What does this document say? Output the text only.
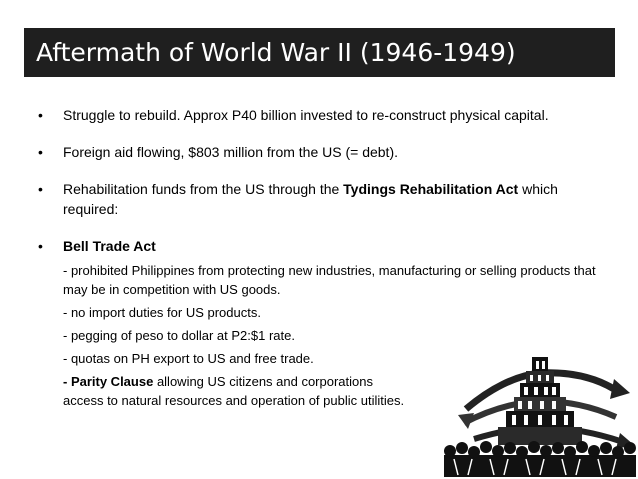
Aftermath of World War II (1946-1949)
• Struggle to rebuild. Approx P40 billion invested to re-construct physical capital.
• Foreign aid flowing, $803 million from the US (= debt).
• Rehabilitation funds from the US through the Tydings Rehabilitation Act which required:
• Bell Trade Act

- prohibited Philippines from protecting new industries, manufacturing or selling products that may be in competition with US goods.

- no import duties for US products.

- pegging of peso to dollar at P2:$1 rate.

- quotas on PH export to US and free trade.

- Parity Clause allowing US citizens and corporations
access to natural resources and operation of public utilities.
